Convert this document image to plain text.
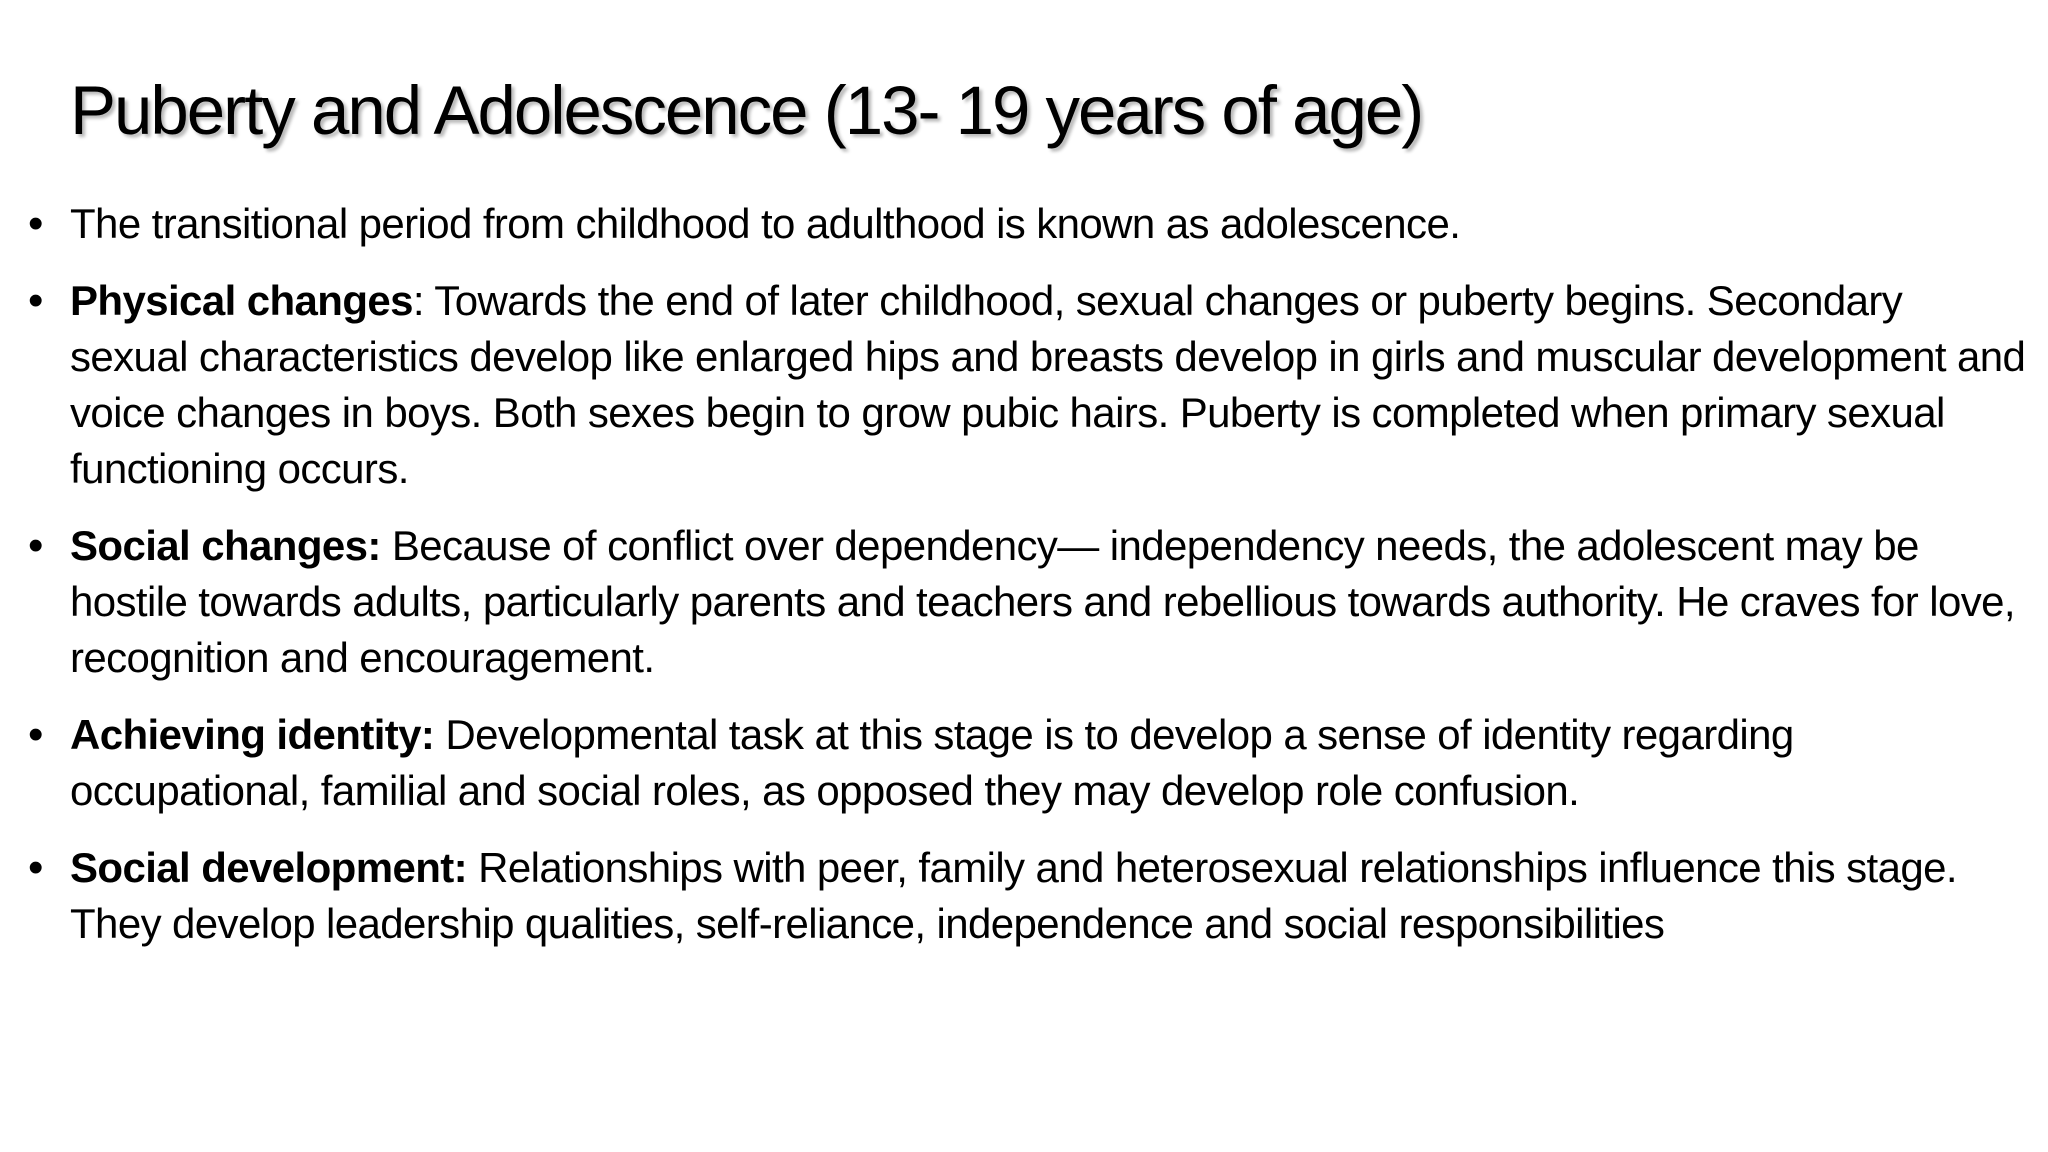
Puberty and Adolescence (13- 19 years of age)
• The transitional period from childhood to adulthood is known as adolescence.
• Physical changes: Towards the end of later childhood, sexual changes or puberty begins. Secondary sexual characteristics develop like enlarged hips and breasts develop in girls and muscular development and voice changes in boys. Both sexes begin to grow pubic hairs. Puberty is completed when primary sexual functioning occurs.
• Social changes: Because of conflict over dependency— independency needs, the adolescent may be hostile towards adults, particularly parents and teachers and rebellious towards authority. He craves for love, recognition and encouragement.
• Achieving identity: Developmental task at this stage is to develop a sense of identity regarding occupational, familial and social roles, as opposed they may develop role confusion.
• Social development: Relationships with peer, family and heterosexual relationships influence this stage. They develop leadership qualities, self-reliance, independence and social responsibilities
